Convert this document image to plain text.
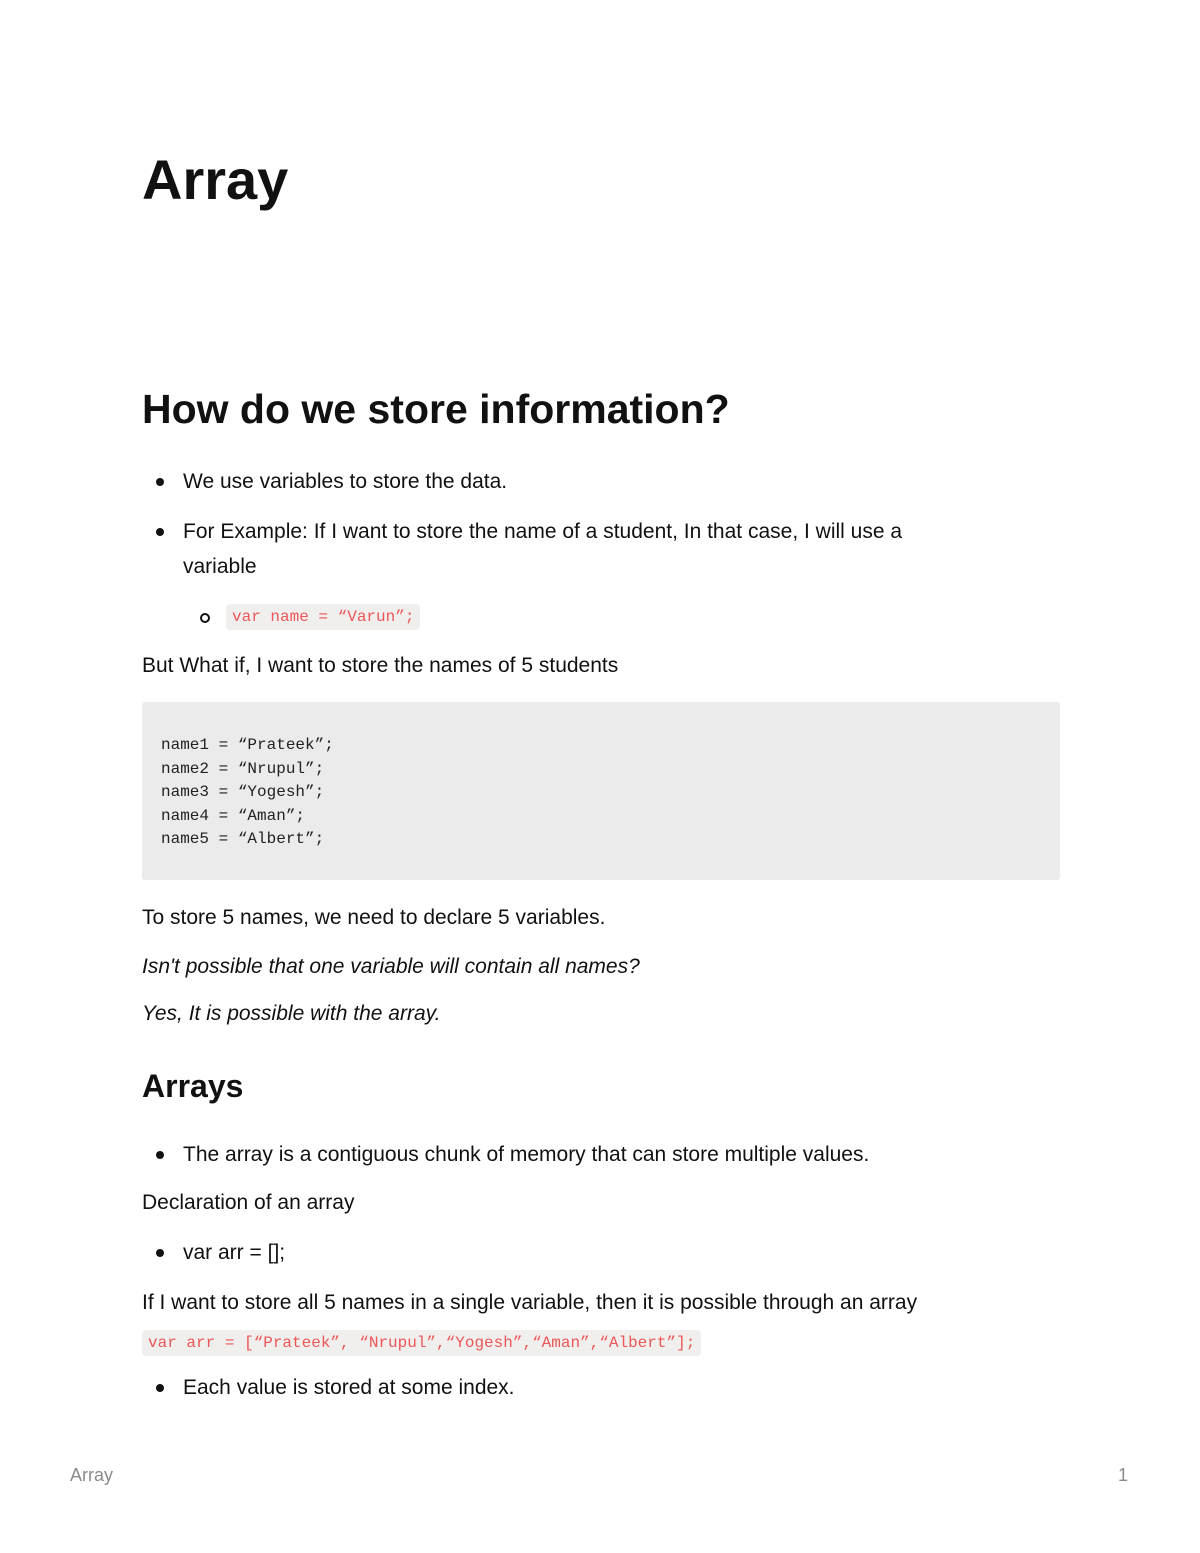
Array
How do we store information?
We use variables to store the data.
For Example: If I want to store the name of a student, In that case, I will use a
variable
var name = “Varun”;

But What if, I want to store the names of 5 students

name1 = “Prateek”;
name2 = “Nrupul”;
name3 = “Yogesh”;
name4 = “Aman”;
name5 = “Albert”;

To store 5 names, we need to declare 5 variables.

Isn't possible that one variable will contain all names?

Yes, It is possible with the array.

Arrays
The array is a contiguous chunk of memory that can store multiple values.

Declaration of an array

var arr = [];

If I want to store all 5 names in a single variable, then it is possible through an array

var arr = [“Prateek”, “Nrupul”,“Yogesh”,“Aman”,“Albert”];
Each value is stored at some index.
Array	1
